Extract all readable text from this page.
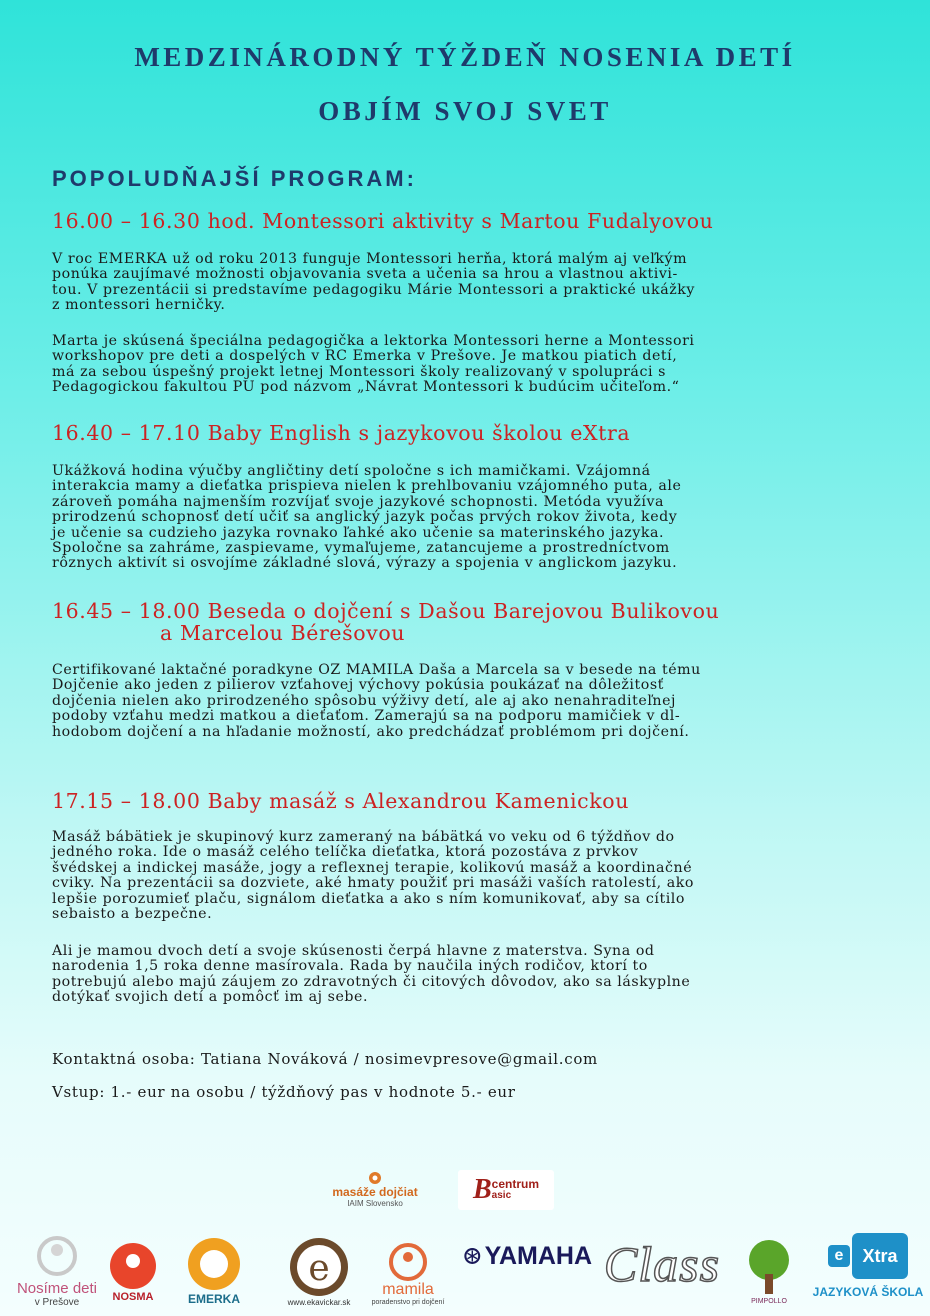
MEDZINÁRODNÝ TÝŽDEŇ NOSENIA DETÍ
OBJÍM SVOJ SVET
POPOLUDŇAJŠÍ PROGRAM:
16.00 – 16.30 hod. Montessori aktivity s Martou Fudalyovou
V roc EMERKA už od roku 2013 funguje Montessori herňa, ktorá malým aj veľkým
ponúka zaujímavé možnosti objavovania sveta a učenia sa hrou a vlastnou aktivi-
tou. V prezentácii si predstavíme pedagogiku Márie Montessori a praktické ukážky
z montessori herničky.
Marta je skúsená špeciálna pedagogička a lektorka Montessori herne a Montessori
workshopov pre deti a dospelých v RC Emerka v Prešove. Je matkou piatich detí,
má za sebou úspešný projekt letnej Montessori školy realizovaný v spolupráci s
Pedagogickou fakultou PU pod názvom „Návrat Montessori k budúcim učiteľom.“
16.40 – 17.10 Baby English s jazykovou školou eXtra
Ukážková hodina výučby angličtiny detí spoločne s ich mamičkami. Vzájomná
interakcia mamy a dieťatka prispieva nielen k prehlbovaniu vzájomného puta, ale
zároveň pomáha najmenším rozvíjať svoje jazykové schopnosti. Metóda využíva
prirodzenú schopnosť detí učiť sa anglický jazyk počas prvých rokov života, kedy
je učenie sa cudzieho jazyka rovnako ľahké ako učenie sa materinského jazyka.
Spoločne sa zahráme, zaspievame, vymaľujeme, zatancujeme a prostredníctvom
rôznych aktivít si osvojíme základné slová, výrazy a spojenia v anglickom jazyku.
16.45 – 18.00 Beseda o dojčení s Dašou Barejovou Bulikovou
a Marcelou Bérešovou
Certifikované laktačné poradkyne OZ MAMILA Daša a Marcela sa v besede na tému
Dojčenie ako jeden z pilierov vzťahovej výchovy pokúsia poukázať na dôležitosť
dojčenia nielen ako prirodzeného spôsobu výživy detí, ale aj ako nenahraditeľnej
podoby vzťahu medzi matkou a dieťaťom. Zamerajú sa na podporu mamičiek v dl-
hodobom dojčení a na hľadanie možností, ako predchádzať problémom pri dojčení.
17.15 – 18.00 Baby masáž s Alexandrou Kamenickou
Masáž bábätiek je skupinový kurz zameraný na bábätká vo veku od 6 týždňov do
jedného roka. Ide o masáž celého telíčka dieťatka, ktorá pozostáva z prvkov
švédskej a indickej masáže, jogy a reflexnej terapie, kolikovú masáž a koordinačné
cviky. Na prezentácii sa dozviete, aké hmaty použiť pri masáži vaších ratolestí, ako
lepšie porozumieť plaču, signálom dieťatka a ako s ním komunikovať, aby sa cítilo
sebaisto a bezpečne.
Ali je mamou dvoch detí a svoje skúsenosti čerpá hlavne z materstva. Syna od
narodenia 1,5 roka denne masírovala. Rada by naučila iných rodičov, ktorí to
potrebujú alebo majú záujem zo zdravotných či citových dôvodov, ako sa láskyplne
dotýkať svojich detí a pomôcť im aj sebe.
Kontaktná osoba: Tatiana Nováková / nosimevpresove@gmail.com
Vstup: 1.- eur na osobu / týždňový pas v hodnote 5.- eur
masáže dojčiat
IAIM Slovensko	B centrum
asic
Nosíme deti
v Prešove	NOSMA	EMERKA
e
www.ekavickar.sk
mamila
poradenstvo pri dojčení
YAMAHA Class
PIMPOLLO
e	Xtra
JAZYKOVÁ ŠKOLA
